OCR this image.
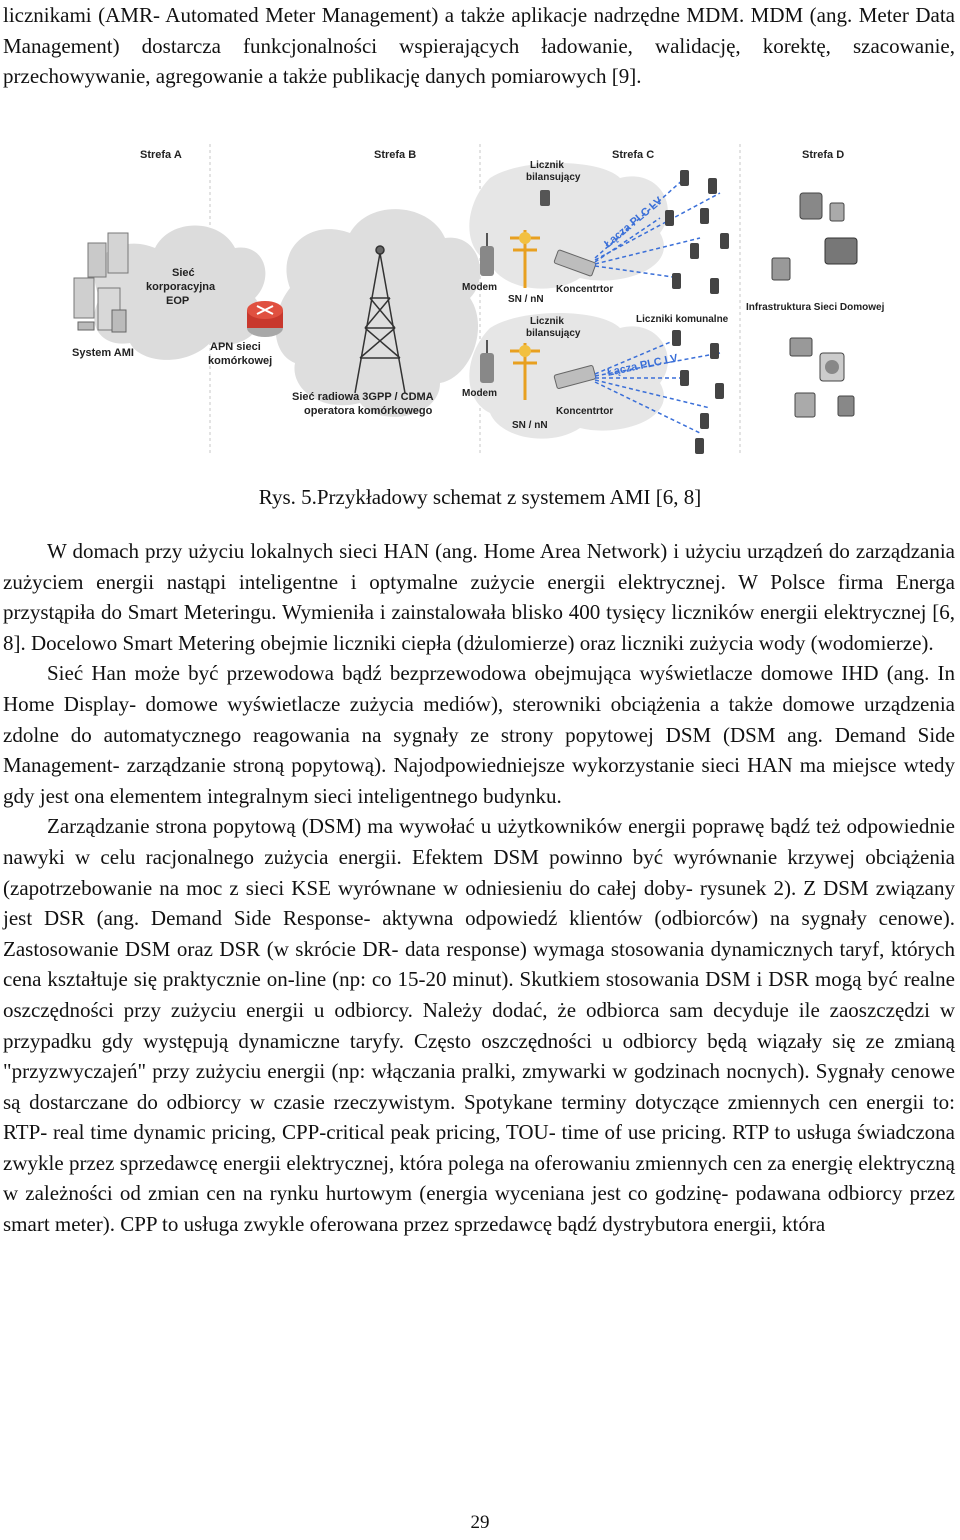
licznikami (AMR- Automated Meter Management) a także aplikacje nadrzędne MDM. MDM (ang. Meter Data Management) dostarcza funkcjonalności wspierających ładowanie, walidację, korektę, szacowanie, przechowywanie, agregowanie a także publikację danych pomiarowych [9].

Strefa A	Strefa B	Strefa C	Strefa D
Sieć
korporacyjna
EOP
System AMI	APN sieci
komórkowej
Sieć radiowa 3GPP / CDMA
operatora komórkowego
Modem
SN / nN
Licznik
bilansujący
Koncentrtor
Łącza PLC LV
Modem
SN / nN
Licznik
bilansujący
Koncentrtor
Łącza PLC LV
Liczniki komunalne
Infrastruktura Sieci Domowej
Rys. 5.Przykładowy schemat z systemem AMI [6, 8]

W domach przy użyciu lokalnych sieci HAN (ang. Home Area Network) i użyciu urządzeń do zarządzania zużyciem energii nastąpi inteligentne i optymalne zużycie energii elektrycznej. W Polsce firma Energa przystąpiła do Smart Meteringu. Wymieniła i zainstalowała blisko 400 tysięcy liczników energii elektrycznej [6, 8]. Docelowo Smart Metering obejmie liczniki ciepła (dżulomierze) oraz liczniki zużycia wody (wodomierze).

Sieć Han może być przewodowa bądź bezprzewodowa obejmująca wyświetlacze domowe IHD (ang. In Home Display- domowe wyświetlacze zużycia mediów), sterowniki obciążenia a także domowe urządzenia zdolne do automatycznego reagowania na sygnały ze strony popytowej DSM (DSM ang. Demand Side Management- zarządzanie stroną popytową). Najodpowiedniejsze wykorzystanie sieci HAN ma miejsce wtedy gdy jest ona elementem integralnym sieci inteligentnego budynku.

Zarządzanie strona popytową (DSM) ma wywołać u użytkowników energii poprawę bądź też odpowiednie nawyki w celu racjonalnego zużycia energii. Efektem DSM powinno być wyrównanie krzywej obciążenia (zapotrzebowanie na moc z sieci KSE wyrównane w odniesieniu do całej doby- rysunek 2). Z DSM związany jest DSR (ang. Demand Side Response- aktywna odpowiedź klientów (odbiorców) na sygnały cenowe). Zastosowanie DSM oraz DSR (w skrócie DR- data response) wymaga stosowania dynamicznych taryf, których cena kształtuje się praktycznie on-line (np: co 15-20 minut). Skutkiem stosowania DSM i DSR mogą być realne oszczędności przy zużyciu energii u odbiorcy. Należy dodać, że odbiorca sam decyduje ile zaoszczędzi w przypadku gdy występują dynamiczne taryfy. Często oszczędności u odbiorcy będą wiązały się ze zmianą "przyzwyczajeń" przy zużyciu energii (np: włączania pralki, zmywarki w godzinach nocnych). Sygnały cenowe są dostarczane do odbiorcy w czasie rzeczywistym. Spotykane terminy dotyczące zmiennych cen energii to: RTP- real time dynamic pricing, CPP-critical peak pricing, TOU- time of use pricing. RTP to usługa świadczona zwykle przez sprzedawcę energii elektrycznej, która polega na oferowaniu zmiennych cen za energię elektryczną w zależności od zmian cen na rynku hurtowym (energia wyceniana jest co godzinę- podawana odbiorcy przez smart meter). CPP to usługa zwykle oferowana przez sprzedawcę bądź dystrybutora energii, która

29
